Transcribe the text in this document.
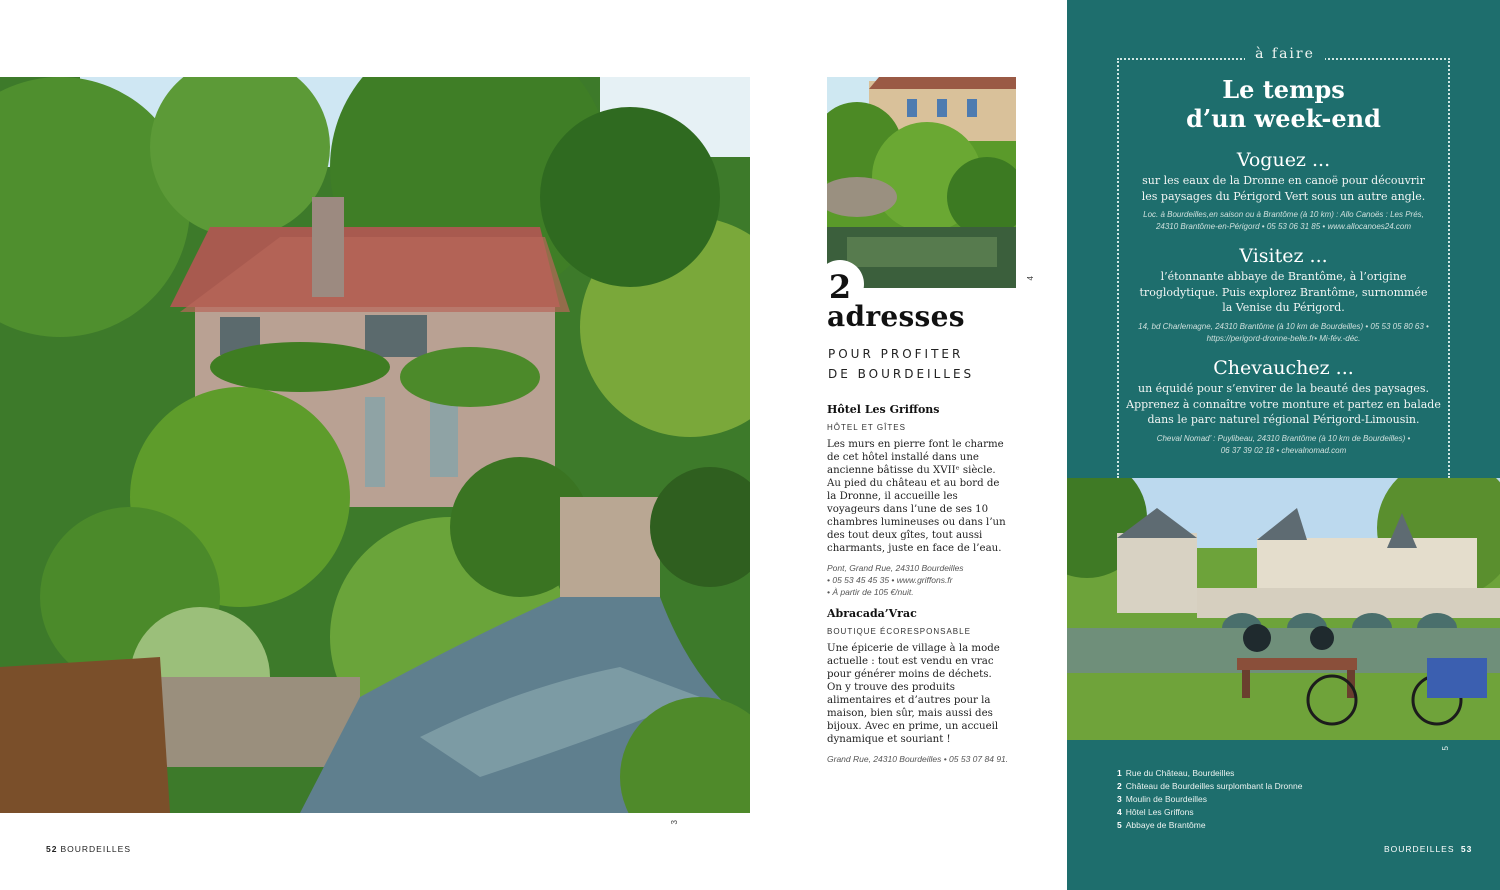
3
4
2
adresses
POUR PROFITER
DE BOURDEILLES
Hôtel Les Griffons
HÔTEL ET GÎTES
Les murs en pierre font le charme de cet hôtel installé dans une ancienne bâtisse du XVIIᵉ siècle. Au pied du château et au bord de la Dronne, il accueille les voyageurs dans l’une de ses 10 chambres lumineuses ou dans l’un des tout deux gîtes, tout aussi charmants, juste en face de l’eau.
Pont, Grand Rue, 24310 Bourdeilles
• 05 53 45 45 35 • www.griffons.fr
• À partir de 105 €/nuit.
Abracada’Vrac
BOUTIQUE ÉCORESPONSABLE
Une épicerie de village à la mode actuelle : tout est vendu en vrac pour générer moins de déchets. On y trouve des produits alimentaires et d’autres pour la maison, bien sûr, mais aussi des bijoux. Avec en prime, un accueil dynamique et souriant !
Grand Rue, 24310 Bourdeilles • 05 53 07 84 91.
à faire
Le temps
d’un week-end
Voguez ...
sur les eaux de la Dronne en canoë pour découvrir les paysages du Périgord Vert sous un autre angle.
Loc. à Bourdeilles,en saison ou à Brantôme (à 10 km) : Allo Canoës : Les Prés, 24310 Brantôme-en-Périgord • 05 53 06 31 85 • www.allocanoes24.com
Visitez ...
l’étonnante abbaye de Brantôme, à l’origine troglodytique. Puis explorez Brantôme, surnommée la Venise du Périgord.
14, bd Charlemagne, 24310 Brantôme (à 10 km de Bourdeilles) • 05 53 05 80 63 • https://perigord-dronne-belle.fr• Mi-fév.-déc.
Chevauchez ...
un équidé pour s’envirer de la beauté des paysages. Apprenez à connaître votre monture et partez en balade dans le parc naturel régional Périgord-Limousin.
Cheval Nomad’ : Puylibeau, 24310 Brantôme (à 10 km de Bourdeilles) • 06 37 39 02 18 • chevalnomad.com
5
1 Rue du Château, Bourdeilles
2 Château de Bourdeilles surplombant la Dronne
3 Moulin de Bourdeilles
4 Hôtel Les Griffons
5 Abbaye de Brantôme
52 BOURDEILLES	BOURDEILLES 53
